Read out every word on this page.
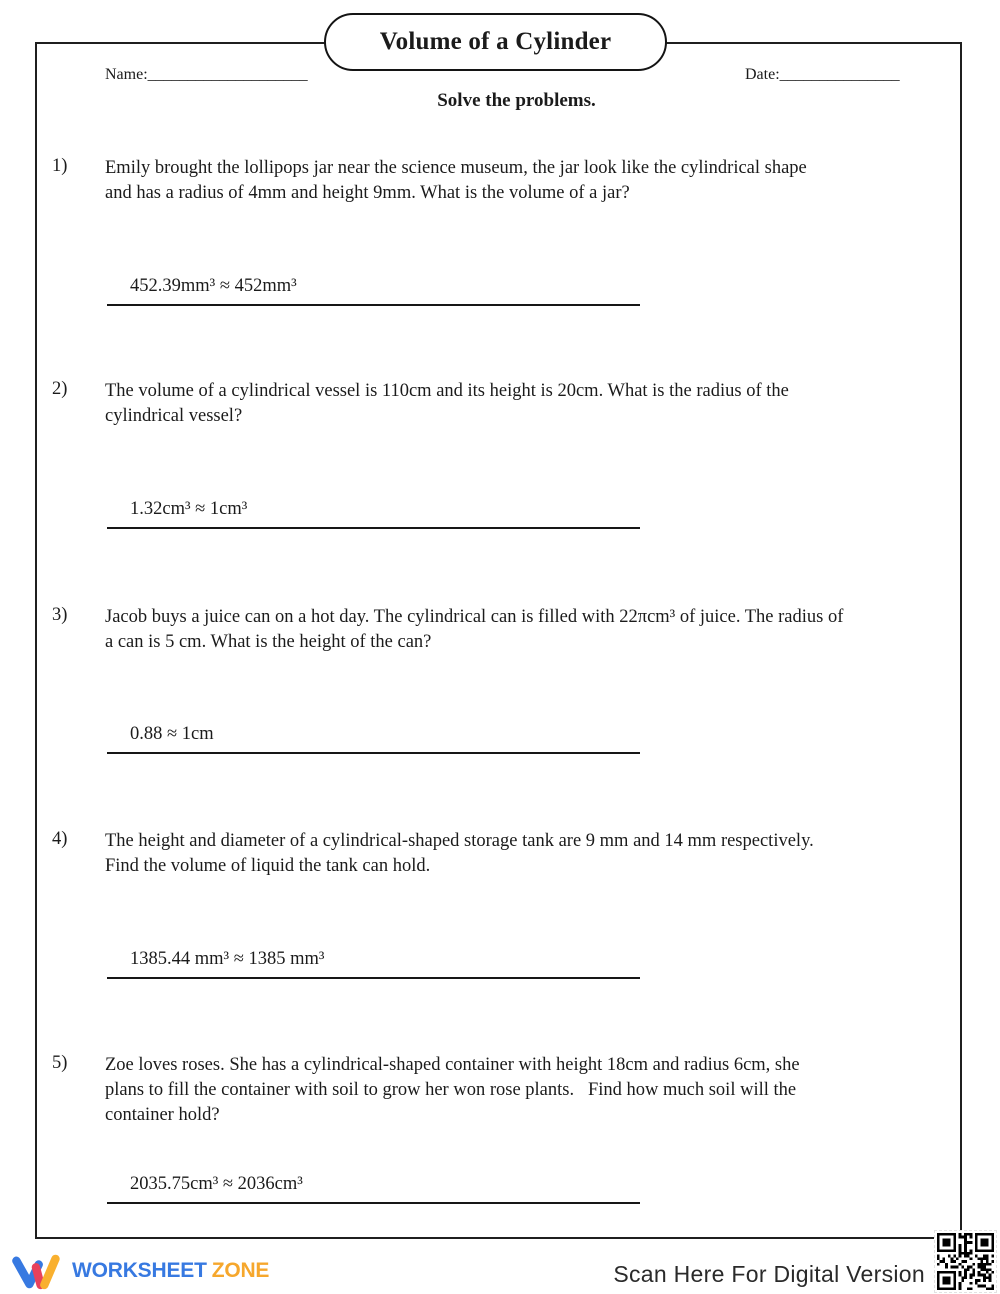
Volume of a Cylinder
Name:____________________	Date:_______________
Solve the problems.
1) Emily brought the lollipops jar near the science museum, the jar look like the cylindrical shape
and has a radius of 4mm and height 9mm. What is the volume of a jar?
452.39mm³ ≈ 452mm³
2) The volume of a cylindrical vessel is 110cm and its height is 20cm. What is the radius of the
cylindrical vessel?
1.32cm³ ≈ 1cm³
3) Jacob buys a juice can on a hot day. The cylindrical can is filled with 22πcm³ of juice. The radius of
a can is 5 cm. What is the height of the can?
0.88 ≈ 1cm
4) The height and diameter of a cylindrical-shaped storage tank are 9 mm and 14 mm respectively.
Find the volume of liquid the tank can hold.
1385.44 mm³ ≈ 1385 mm³
5) Zoe loves roses. She has a cylindrical-shaped container with height 18cm and radius 6cm, she
plans to fill the container with soil to grow her won rose plants.   Find how much soil will the
container hold?
2035.75cm³ ≈ 2036cm³
WORKSHEET ZONE	Scan Here For Digital Version
